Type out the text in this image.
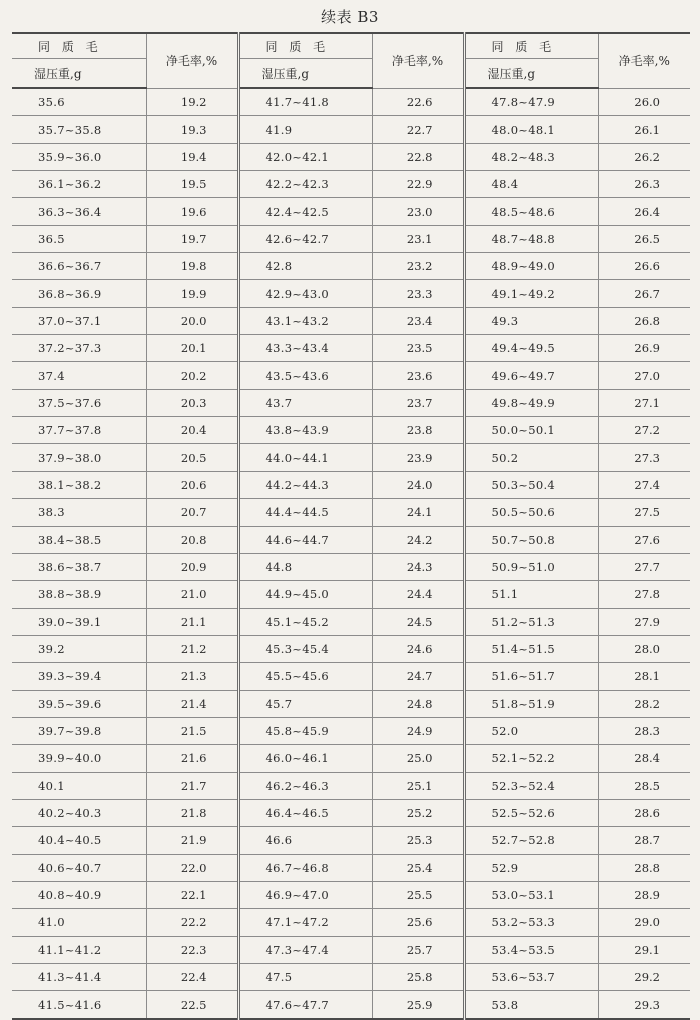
续表 B3
同 质 毛	净毛率,%	同 质 毛	净毛率,%	同 质 毛	净毛率,%
湿压重,g		湿压重,g		湿压重,g	
35.6	19.2	41.7~41.8	22.6	47.8~47.9	26.0
35.7~35.8	19.3	41.9	22.7	48.0~48.1	26.1
35.9~36.0	19.4	42.0~42.1	22.8	48.2~48.3	26.2
36.1~36.2	19.5	42.2~42.3	22.9	48.4	26.3
36.3~36.4	19.6	42.4~42.5	23.0	48.5~48.6	26.4
36.5	19.7	42.6~42.7	23.1	48.7~48.8	26.5
36.6~36.7	19.8	42.8	23.2	48.9~49.0	26.6
36.8~36.9	19.9	42.9~43.0	23.3	49.1~49.2	26.7
37.0~37.1	20.0	43.1~43.2	23.4	49.3	26.8
37.2~37.3	20.1	43.3~43.4	23.5	49.4~49.5	26.9
37.4	20.2	43.5~43.6	23.6	49.6~49.7	27.0
37.5~37.6	20.3	43.7	23.7	49.8~49.9	27.1
37.7~37.8	20.4	43.8~43.9	23.8	50.0~50.1	27.2
37.9~38.0	20.5	44.0~44.1	23.9	50.2	27.3
38.1~38.2	20.6	44.2~44.3	24.0	50.3~50.4	27.4
38.3	20.7	44.4~44.5	24.1	50.5~50.6	27.5
38.4~38.5	20.8	44.6~44.7	24.2	50.7~50.8	27.6
38.6~38.7	20.9	44.8	24.3	50.9~51.0	27.7
38.8~38.9	21.0	44.9~45.0	24.4	51.1	27.8
39.0~39.1	21.1	45.1~45.2	24.5	51.2~51.3	27.9
39.2	21.2	45.3~45.4	24.6	51.4~51.5	28.0
39.3~39.4	21.3	45.5~45.6	24.7	51.6~51.7	28.1
39.5~39.6	21.4	45.7	24.8	51.8~51.9	28.2
39.7~39.8	21.5	45.8~45.9	24.9	52.0	28.3
39.9~40.0	21.6	46.0~46.1	25.0	52.1~52.2	28.4
40.1	21.7	46.2~46.3	25.1	52.3~52.4	28.5
40.2~40.3	21.8	46.4~46.5	25.2	52.5~52.6	28.6
40.4~40.5	21.9	46.6	25.3	52.7~52.8	28.7
40.6~40.7	22.0	46.7~46.8	25.4	52.9	28.8
40.8~40.9	22.1	46.9~47.0	25.5	53.0~53.1	28.9
41.0	22.2	47.1~47.2	25.6	53.2~53.3	29.0
41.1~41.2	22.3	47.3~47.4	25.7	53.4~53.5	29.1
41.3~41.4	22.4	47.5	25.8	53.6~53.7	29.2
41.5~41.6	22.5	47.6~47.7	25.9	53.8	29.3
